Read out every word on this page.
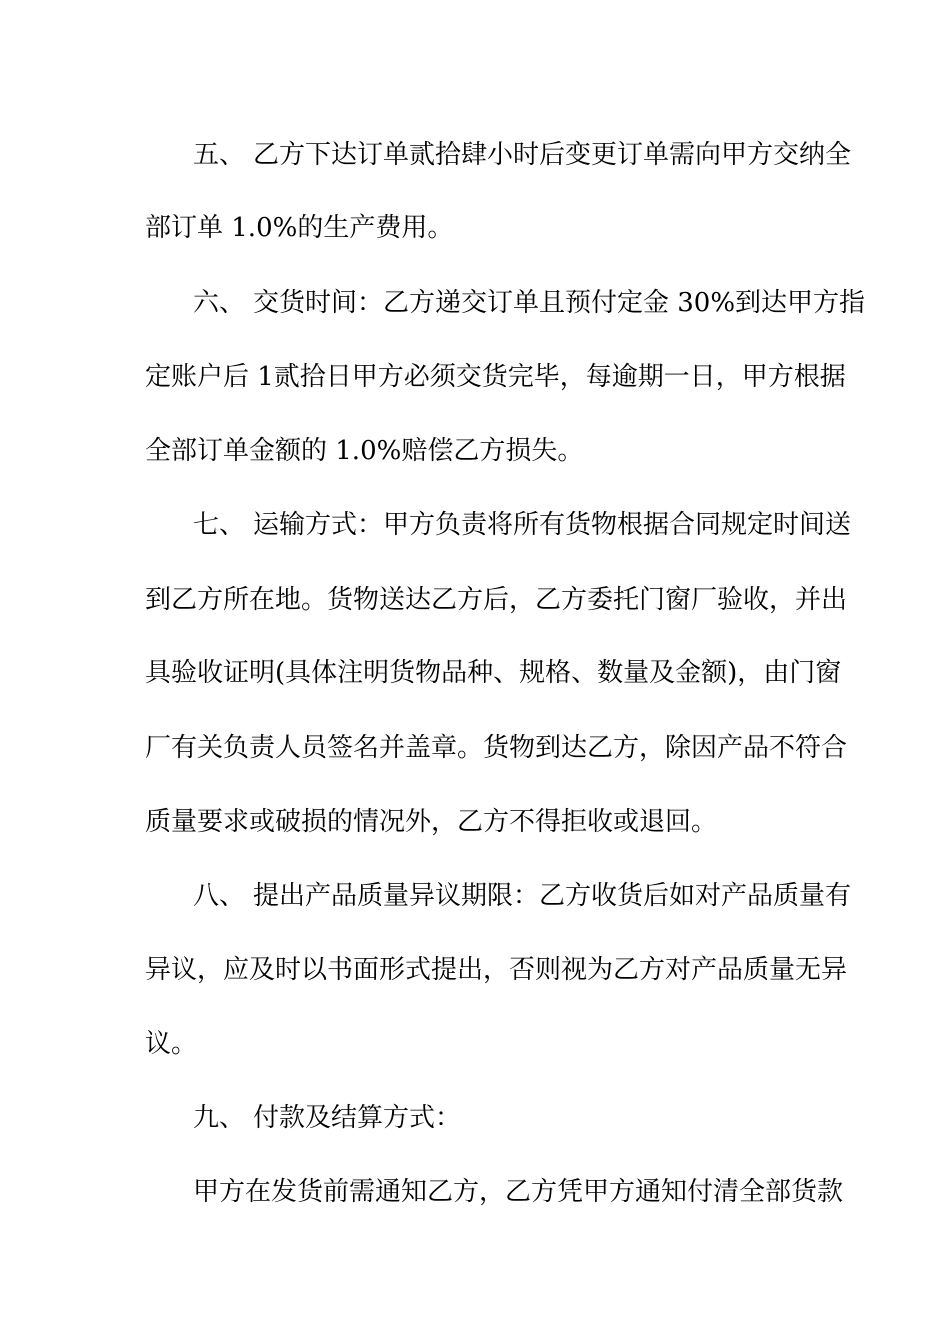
五、 乙方下达订单贰拾肆小时后变更订单需向甲方交纳全
部订单 1.0%的生产费用。
六、 交货时间：乙方递交订单且预付定金 30%到达甲方指
定账户后 1贰拾日甲方必须交货完毕，每逾期一日，甲方根据
全部订单金额的 1.0%赔偿乙方损失。
七、 运输方式：甲方负责将所有货物根据合同规定时间送
到乙方所在地。货物送达乙方后，乙方委托门窗厂验收，并出
具验收证明(具体注明货物品种、规格、数量及金额)，由门窗
厂有关负责人员签名并盖章。货物到达乙方，除因产品不符合
质量要求或破损的情况外，乙方不得拒收或退回。
八、 提出产品质量异议期限：乙方收货后如对产品质量有
异议，应及时以书面形式提出，否则视为乙方对产品质量无异
议。
九、 付款及结算方式：
甲方在发货前需通知乙方，乙方凭甲方通知付清全部货款
